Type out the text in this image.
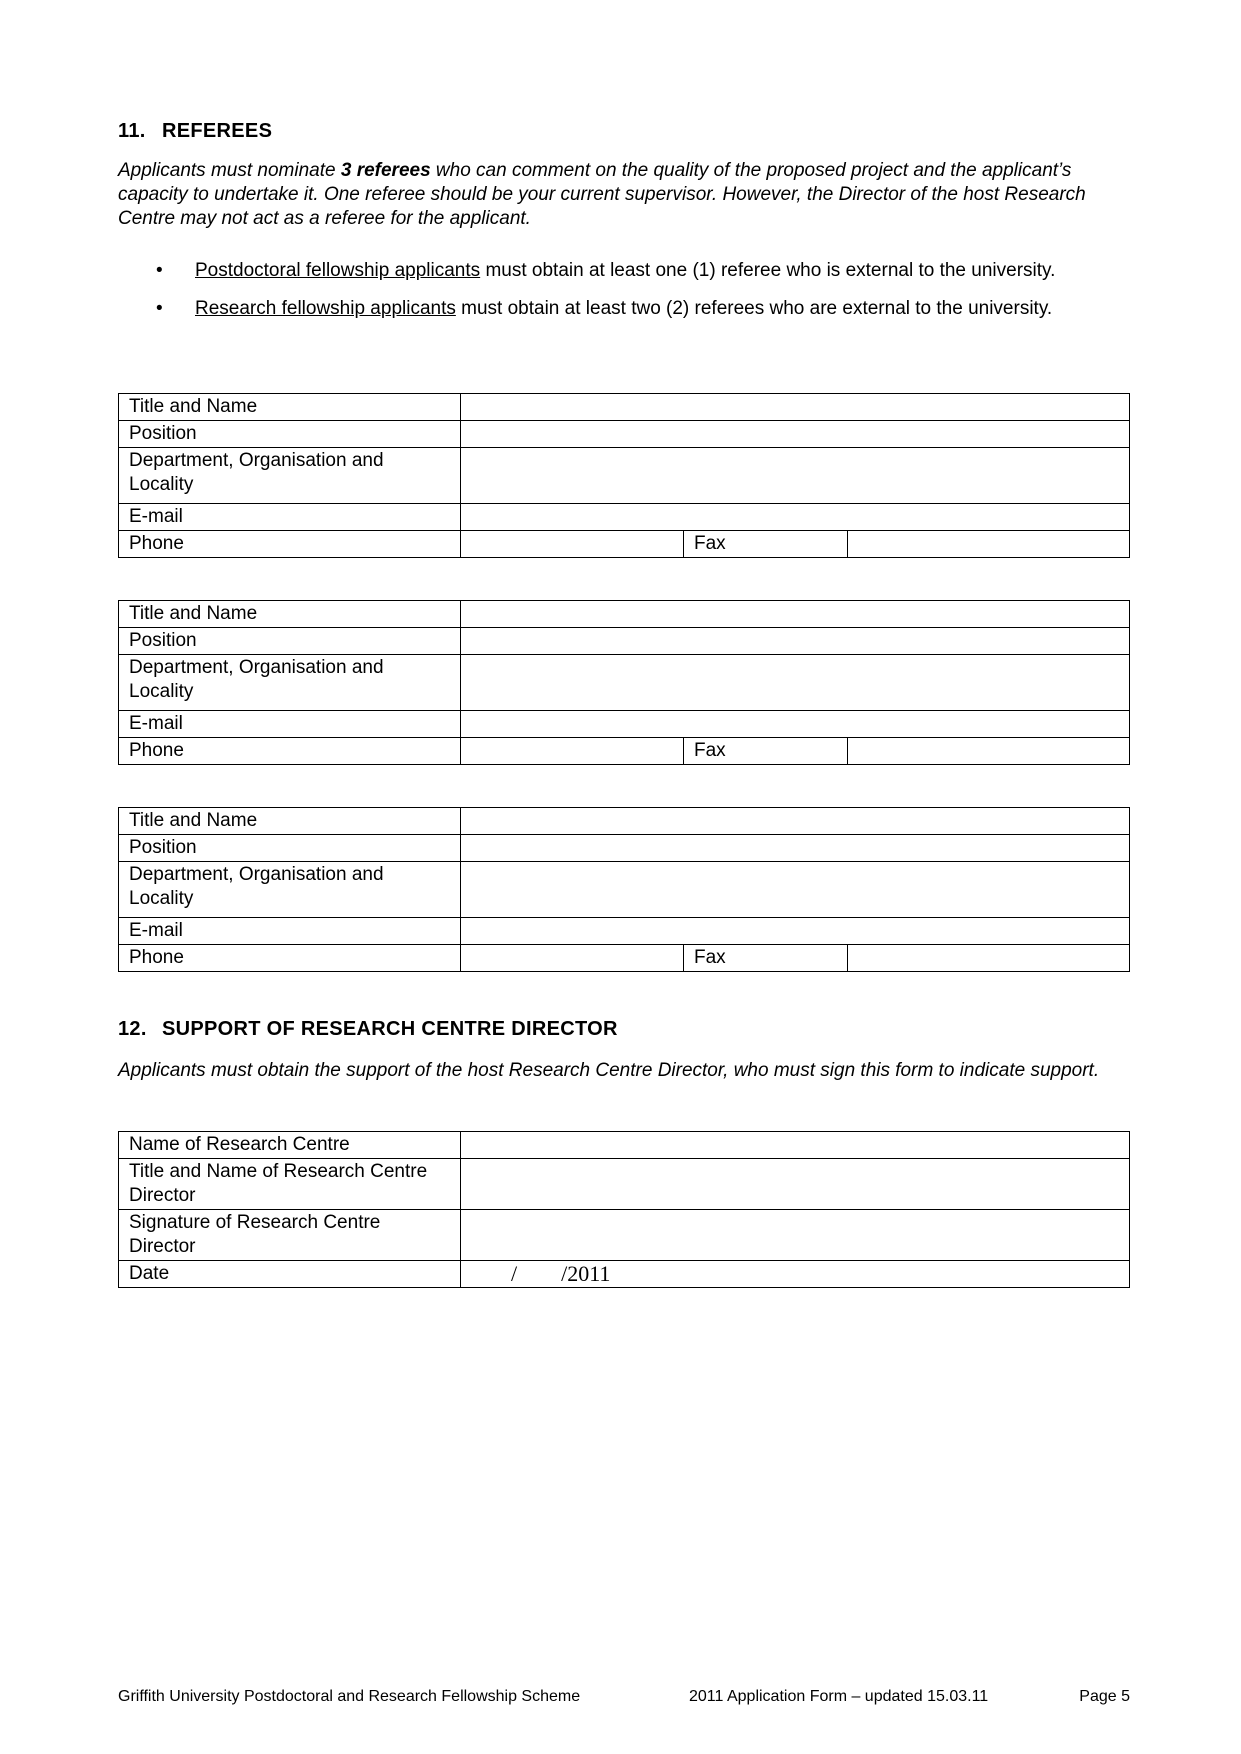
11. REFEREES
Applicants must nominate 3 referees who can comment on the quality of the proposed project and the applicant’s capacity to undertake it. One referee should be your current supervisor. However, the Director of the host Research Centre may not act as a referee for the applicant.
• Postdoctoral fellowship applicants must obtain at least one (1) referee who is external to the university.
• Research fellowship applicants must obtain at least two (2) referees who are external to the university.
Title and Name			
Position			
Department, Organisation and Locality			
E-mail			
Phone		Fax	
Title and Name			
Position			
Department, Organisation and Locality			
E-mail			
Phone		Fax	
Title and Name			
Position			
Department, Organisation and Locality			
E-mail			
Phone		Fax	
12. SUPPORT OF RESEARCH CENTRE DIRECTOR
Applicants must obtain the support of the host Research Centre Director, who must sign this form to indicate support.
Name of Research Centre	
Title and Name of Research Centre Director	
Signature of Research Centre Director	
Date	/        /2011
Griffith University Postdoctoral and Research Fellowship Scheme	2011 Application Form – updated 15.03.11	Page 5
